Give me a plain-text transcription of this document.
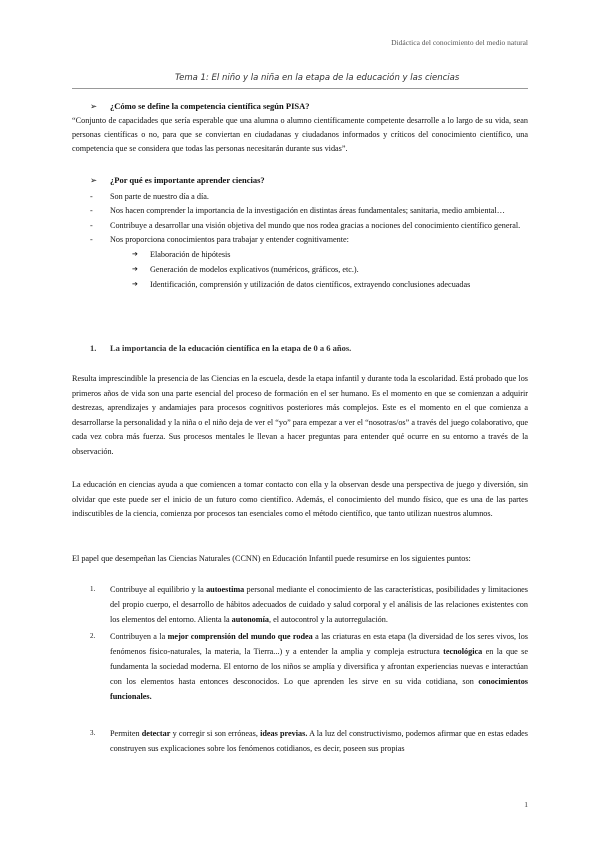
Didáctica del conocimiento del medio natural
Tema 1: El niño y la niña en la etapa de la educación y las ciencias
➢ ¿Cómo se define la competencia científica según PISA?
“Conjunto de capacidades que sería esperable que una alumna o alumno científicamente competente desarrolle a lo largo de su vida, sean personas científicas o no, para que se conviertan en ciudadanas y ciudadanos informados y críticos del conocimiento científico, una competencia que se considera que todas las personas necesitarán durante sus vidas”.
➢ ¿Por qué es importante aprender ciencias?
- Son parte de nuestro día a día.
- Nos hacen comprender la importancia de la investigación en distintas áreas fundamentales; sanitaria, medio ambiental…
- Contribuye a desarrollar una visión objetiva del mundo que nos rodea gracias a nociones del conocimiento científico general.
- Nos proporciona conocimientos para trabajar y entender cognitivamente:
➔ Elaboración de hipótesis
➔ Generación de modelos explicativos (numéricos, gráficos, etc.).
➔ Identificación, comprensión y utilización de datos científicos, extrayendo conclusiones adecuadas
1. La importancia de la educación científica en la etapa de 0 a 6 años.
Resulta imprescindible la presencia de las Ciencias en la escuela, desde la etapa infantil y durante toda la escolaridad. Está probado que los primeros años de vida son una parte esencial del proceso de formación en el ser humano. Es el momento en que se comienzan a adquirir destrezas, aprendizajes y andamiajes para procesos cognitivos posteriores más complejos. Este es el momento en el que comienza a desarrollarse la personalidad y la niña o el niño deja de ver el “yo” para empezar a ver el “nosotras/os” a través del juego colaborativo, que cada vez cobra más fuerza. Sus procesos mentales le llevan a hacer preguntas para entender qué ocurre en su entorno a través de la observación.
La educación en ciencias ayuda a que comiencen a tomar contacto con ella y la observan desde una perspectiva de juego y diversión, sin olvidar que este puede ser el inicio de un futuro como científico. Además, el conocimiento del mundo físico, que es una de las partes indiscutibles de la ciencia, comienza por procesos tan esenciales como el método científico, que tanto utilizan nuestros alumnos.
El papel que desempeñan las Ciencias Naturales (CCNN) en Educación Infantil puede resumirse en los siguientes puntos:
1. Contribuye al equilibrio y la autoestima personal mediante el conocimiento de las características, posibilidades y limitaciones del propio cuerpo, el desarrollo de hábitos adecuados de cuidado y salud corporal y el análisis de las relaciones existentes con los elementos del entorno. Alienta la autonomía, el autocontrol y la autorregulación.
2. Contribuyen a la mejor comprensión del mundo que rodea a las criaturas en esta etapa (la diversidad de los seres vivos, los fenómenos físico-naturales, la materia, la Tierra...) y a entender la amplia y compleja estructura tecnológica en la que se fundamenta la sociedad moderna. El entorno de los niños se amplía y diversifica y afrontan experiencias nuevas e interactúan con los elementos hasta entonces desconocidos. Lo que aprenden les sirve en su vida cotidiana, son conocimientos funcionales.
3. Permiten detectar y corregir si son erróneas, ideas previas. A la luz del constructivismo, podemos afirmar que en estas edades construyen sus explicaciones sobre los fenómenos cotidianos, es decir, poseen sus propias
1
